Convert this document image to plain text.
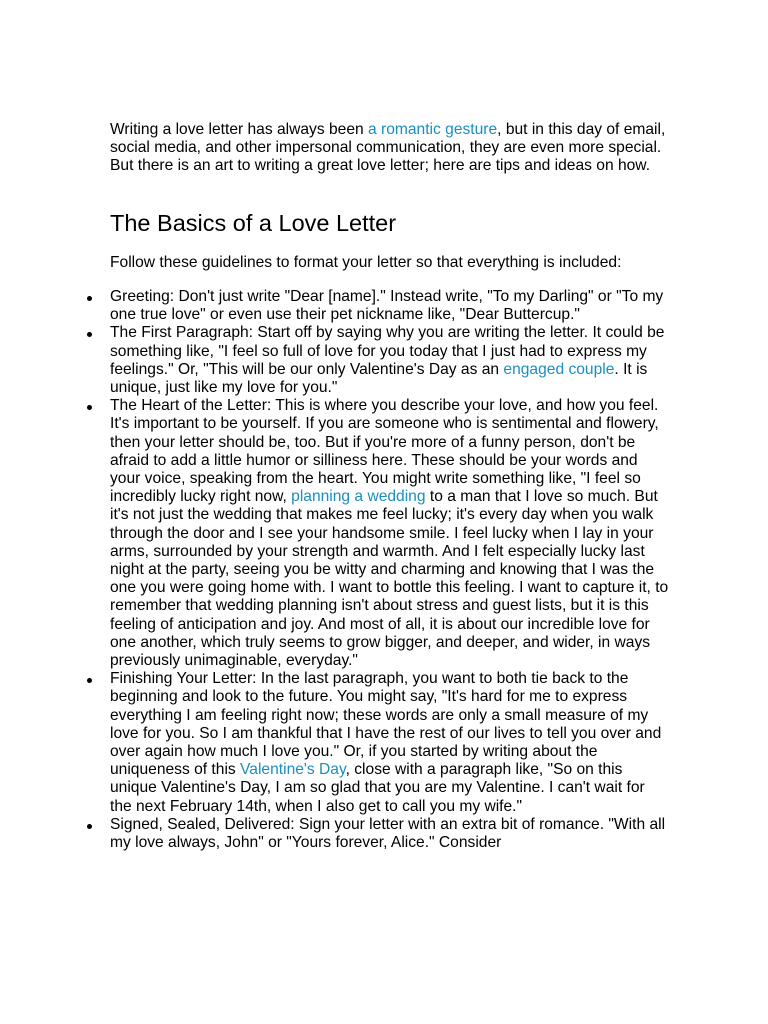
Writing a love letter has always been a romantic gesture, but in this day of email, social media, and other impersonal communication, they are even more special. But there is an art to writing a great love letter; here are tips and ideas on how.

The Basics of a Love Letter

Follow these guidelines to format your letter so that everything is included:

Greeting: Don't just write "Dear [name]." Instead write, "To my Darling" or "To my one true love" or even use their pet nickname like, "Dear Buttercup."
The First Paragraph: Start off by saying why you are writing the letter. It could be something like, "I feel so full of love for you today that I just had to express my feelings." Or, "This will be our only Valentine's Day as an engaged couple. It is unique, just like my love for you."
The Heart of the Letter: This is where you describe your love, and how you feel. It's important to be yourself. If you are someone who is sentimental and flowery, then your letter should be, too. But if you're more of a funny person, don't be afraid to add a little humor or silliness here. These should be your words and your voice, speaking from the heart. You might write something like, "I feel so incredibly lucky right now, planning a wedding to a man that I love so much. But it's not just the wedding that makes me feel lucky; it's every day when you walk through the door and I see your handsome smile. I feel lucky when I lay in your arms, surrounded by your strength and warmth. And I felt especially lucky last night at the party, seeing you be witty and charming and knowing that I was the one you were going home with. I want to bottle this feeling. I want to capture it, to remember that wedding planning isn't about stress and guest lists, but it is this feeling of anticipation and joy. And most of all, it is about our incredible love for one another, which truly seems to grow bigger, and deeper, and wider, in ways previously unimaginable, everyday."
Finishing Your Letter: In the last paragraph, you want to both tie back to the beginning and look to the future. You might say, "It's hard for me to express everything I am feeling right now; these words are only a small measure of my love for you. So I am thankful that I have the rest of our lives to tell you over and over again how much I love you." Or, if you started by writing about the uniqueness of this Valentine's Day, close with a paragraph like, "So on this unique Valentine's Day, I am so glad that you are my Valentine. I can't wait for the next February 14th, when I also get to call you my wife."
Signed, Sealed, Delivered: Sign your letter with an extra bit of romance. "With all my love always, John" or "Yours forever, Alice." Consider
